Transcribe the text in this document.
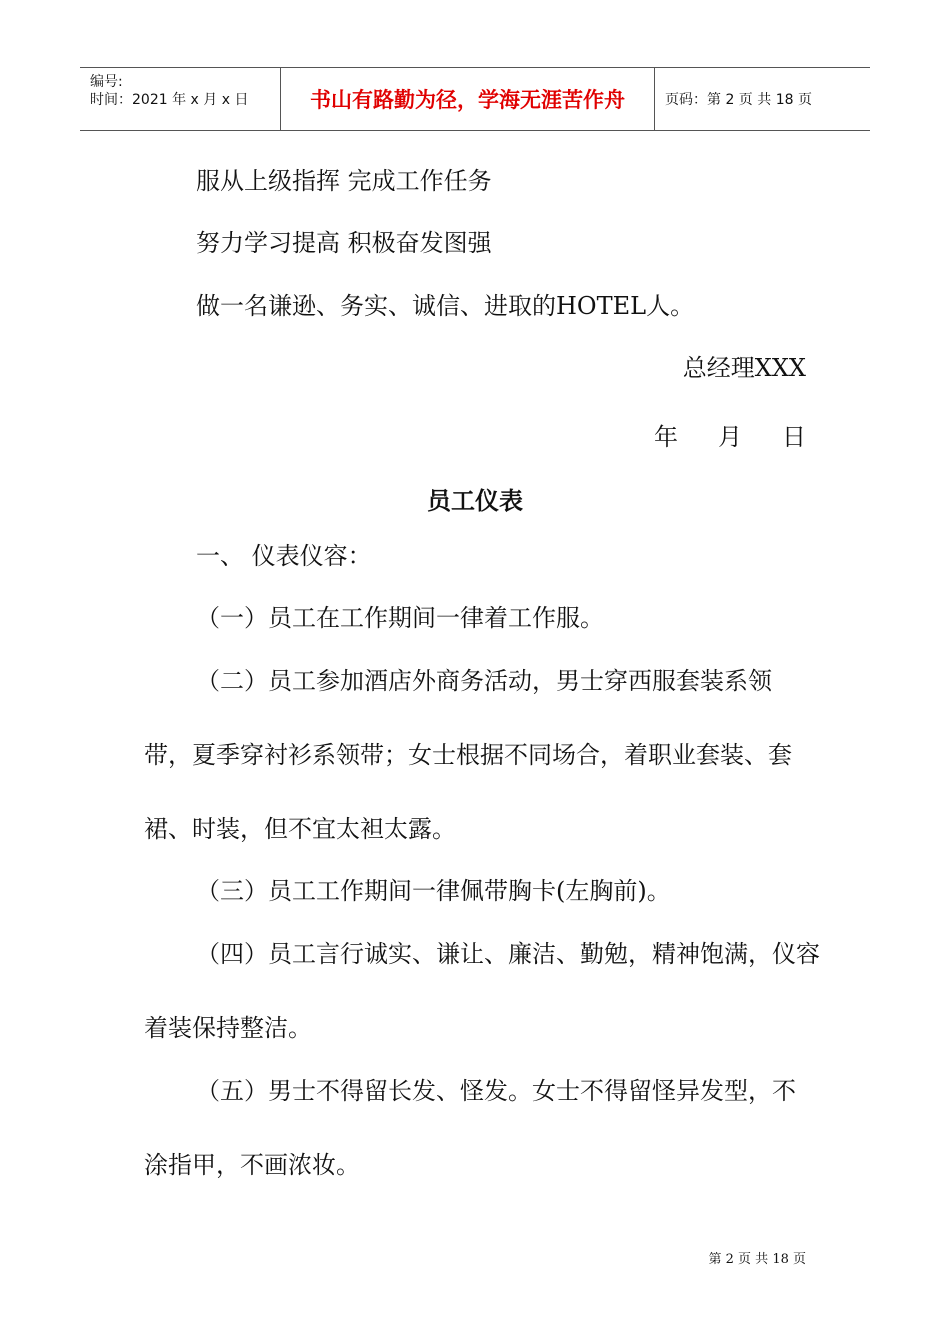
编号:
时间：2021 年 x 月 x 日	书山有路勤为径，学海无涯苦作舟	页码：第 2 页 共 18 页
服从上级指挥 完成工作任务
努力学习提高 积极奋发图强
做一名谦逊、务实、诚信、进取的HOTEL人。
总经理XXX
年 月 日
员工仪表
一、 仪表仪容：
（一）员工在工作期间一律着工作服。
（二）员工参加酒店外商务活动，男士穿西服套装系领
带，夏季穿衬衫系领带；女士根据不同场合，着职业套装、套
裙、时装，但不宜太袒太露。
（三）员工工作期间一律佩带胸卡(左胸前)。
（四）员工言行诚实、谦让、廉洁、勤勉，精神饱满，仪容
着装保持整洁。
（五）男士不得留长发、怪发。女士不得留怪异发型，不
涂指甲，不画浓妆。
第 2 页 共 18 页
